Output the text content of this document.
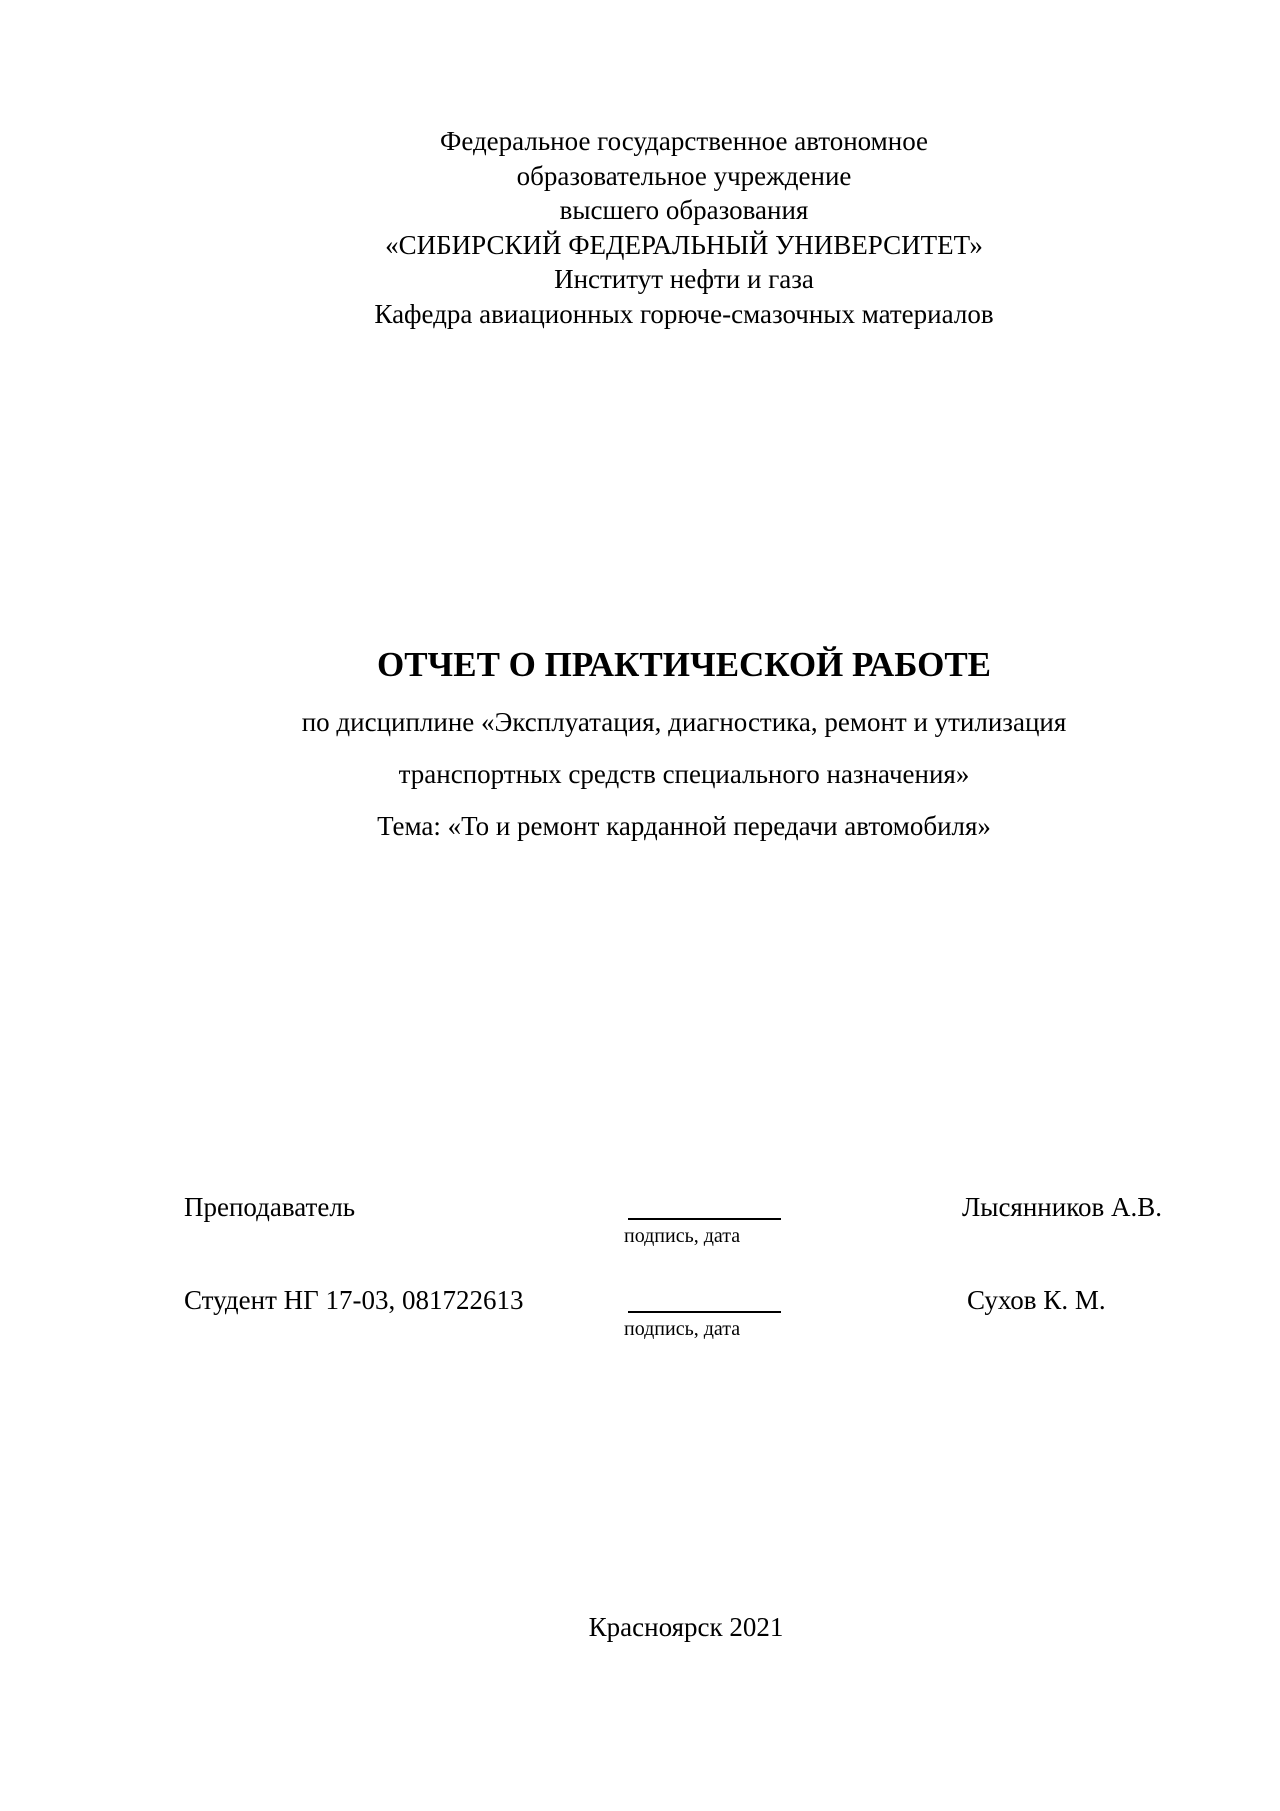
Федеральное государственное автономное
образовательное учреждение
высшего образования
«СИБИРСКИЙ ФЕДЕРАЛЬНЫЙ УНИВЕРСИТЕТ»
Институт нефти и газа
Кафедра авиационных горюче-смазочных материалов
ОТЧЕТ О ПРАКТИЧЕСКОЙ РАБОТЕ
по дисциплине «Эксплуатация, диагностика, ремонт и утилизация
транспортных средств специального назначения»
Тема: «То и ремонт карданной передачи автомобиля»
Преподаватель
подпись, дата
Лысянников А.В.
Студент НГ 17-03, 081722613
подпись, дата
Сухов К. М.
Красноярск 2021
